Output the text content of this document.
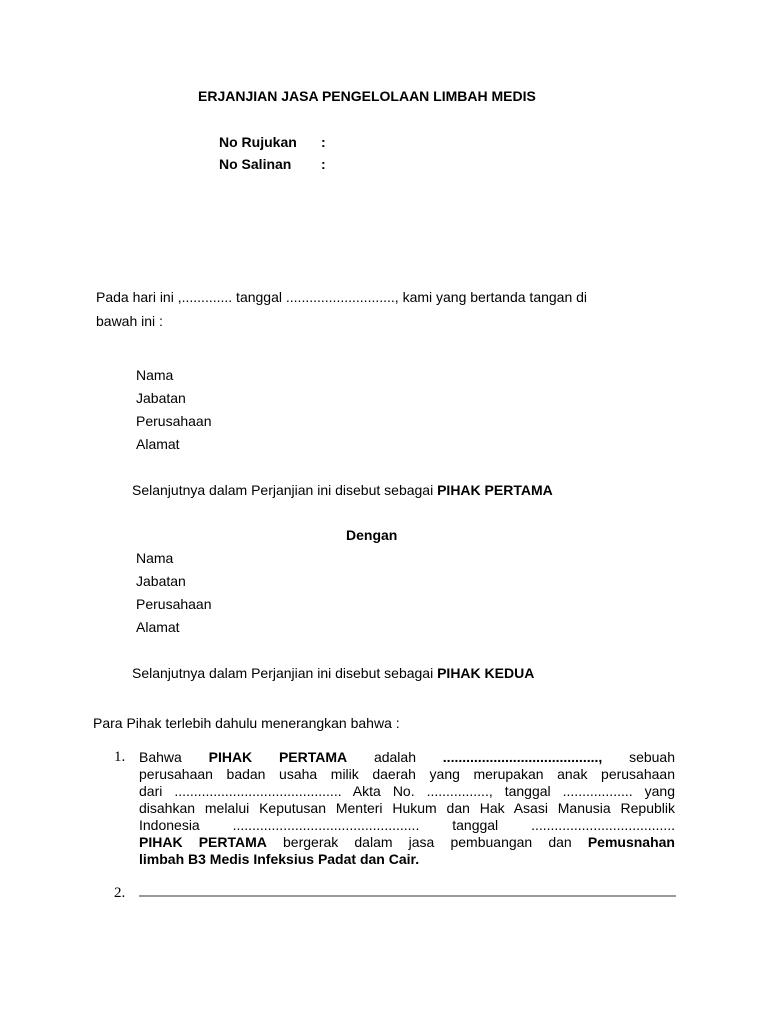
ERJANJIAN JASA PENGELOLAAN LIMBAH MEDIS
No Rujukan :
No Salinan :
Pada hari ini ,............. tanggal ............................, kami yang bertanda tangan di
bawah ini :
Nama
Jabatan
Perusahaan
Alamat
Selanjutnya dalam Perjanjian ini disebut sebagai PIHAK PERTAMA
Dengan
Nama
Jabatan
Perusahaan
Alamat
Selanjutnya dalam Perjanjian ini disebut sebagai PIHAK KEDUA
Para Pihak terlebih dahulu menerangkan bahwa :
1. Bahwa PIHAK PERTAMA adalah ........................................, sebuah
perusahaan badan usaha milik daerah yang merupakan anak perusahaan
dari ........................................... Akta No. ................, tanggal .................. yang
disahkan melalui Keputusan Menteri Hukum dan Hak Asasi Manusia Republik
Indonesia ................................................ tanggal .....................................
PIHAK PERTAMA bergerak dalam jasa pembuangan dan Pemusnahan
limbah B3 Medis Infeksius Padat dan Cair.
2.
